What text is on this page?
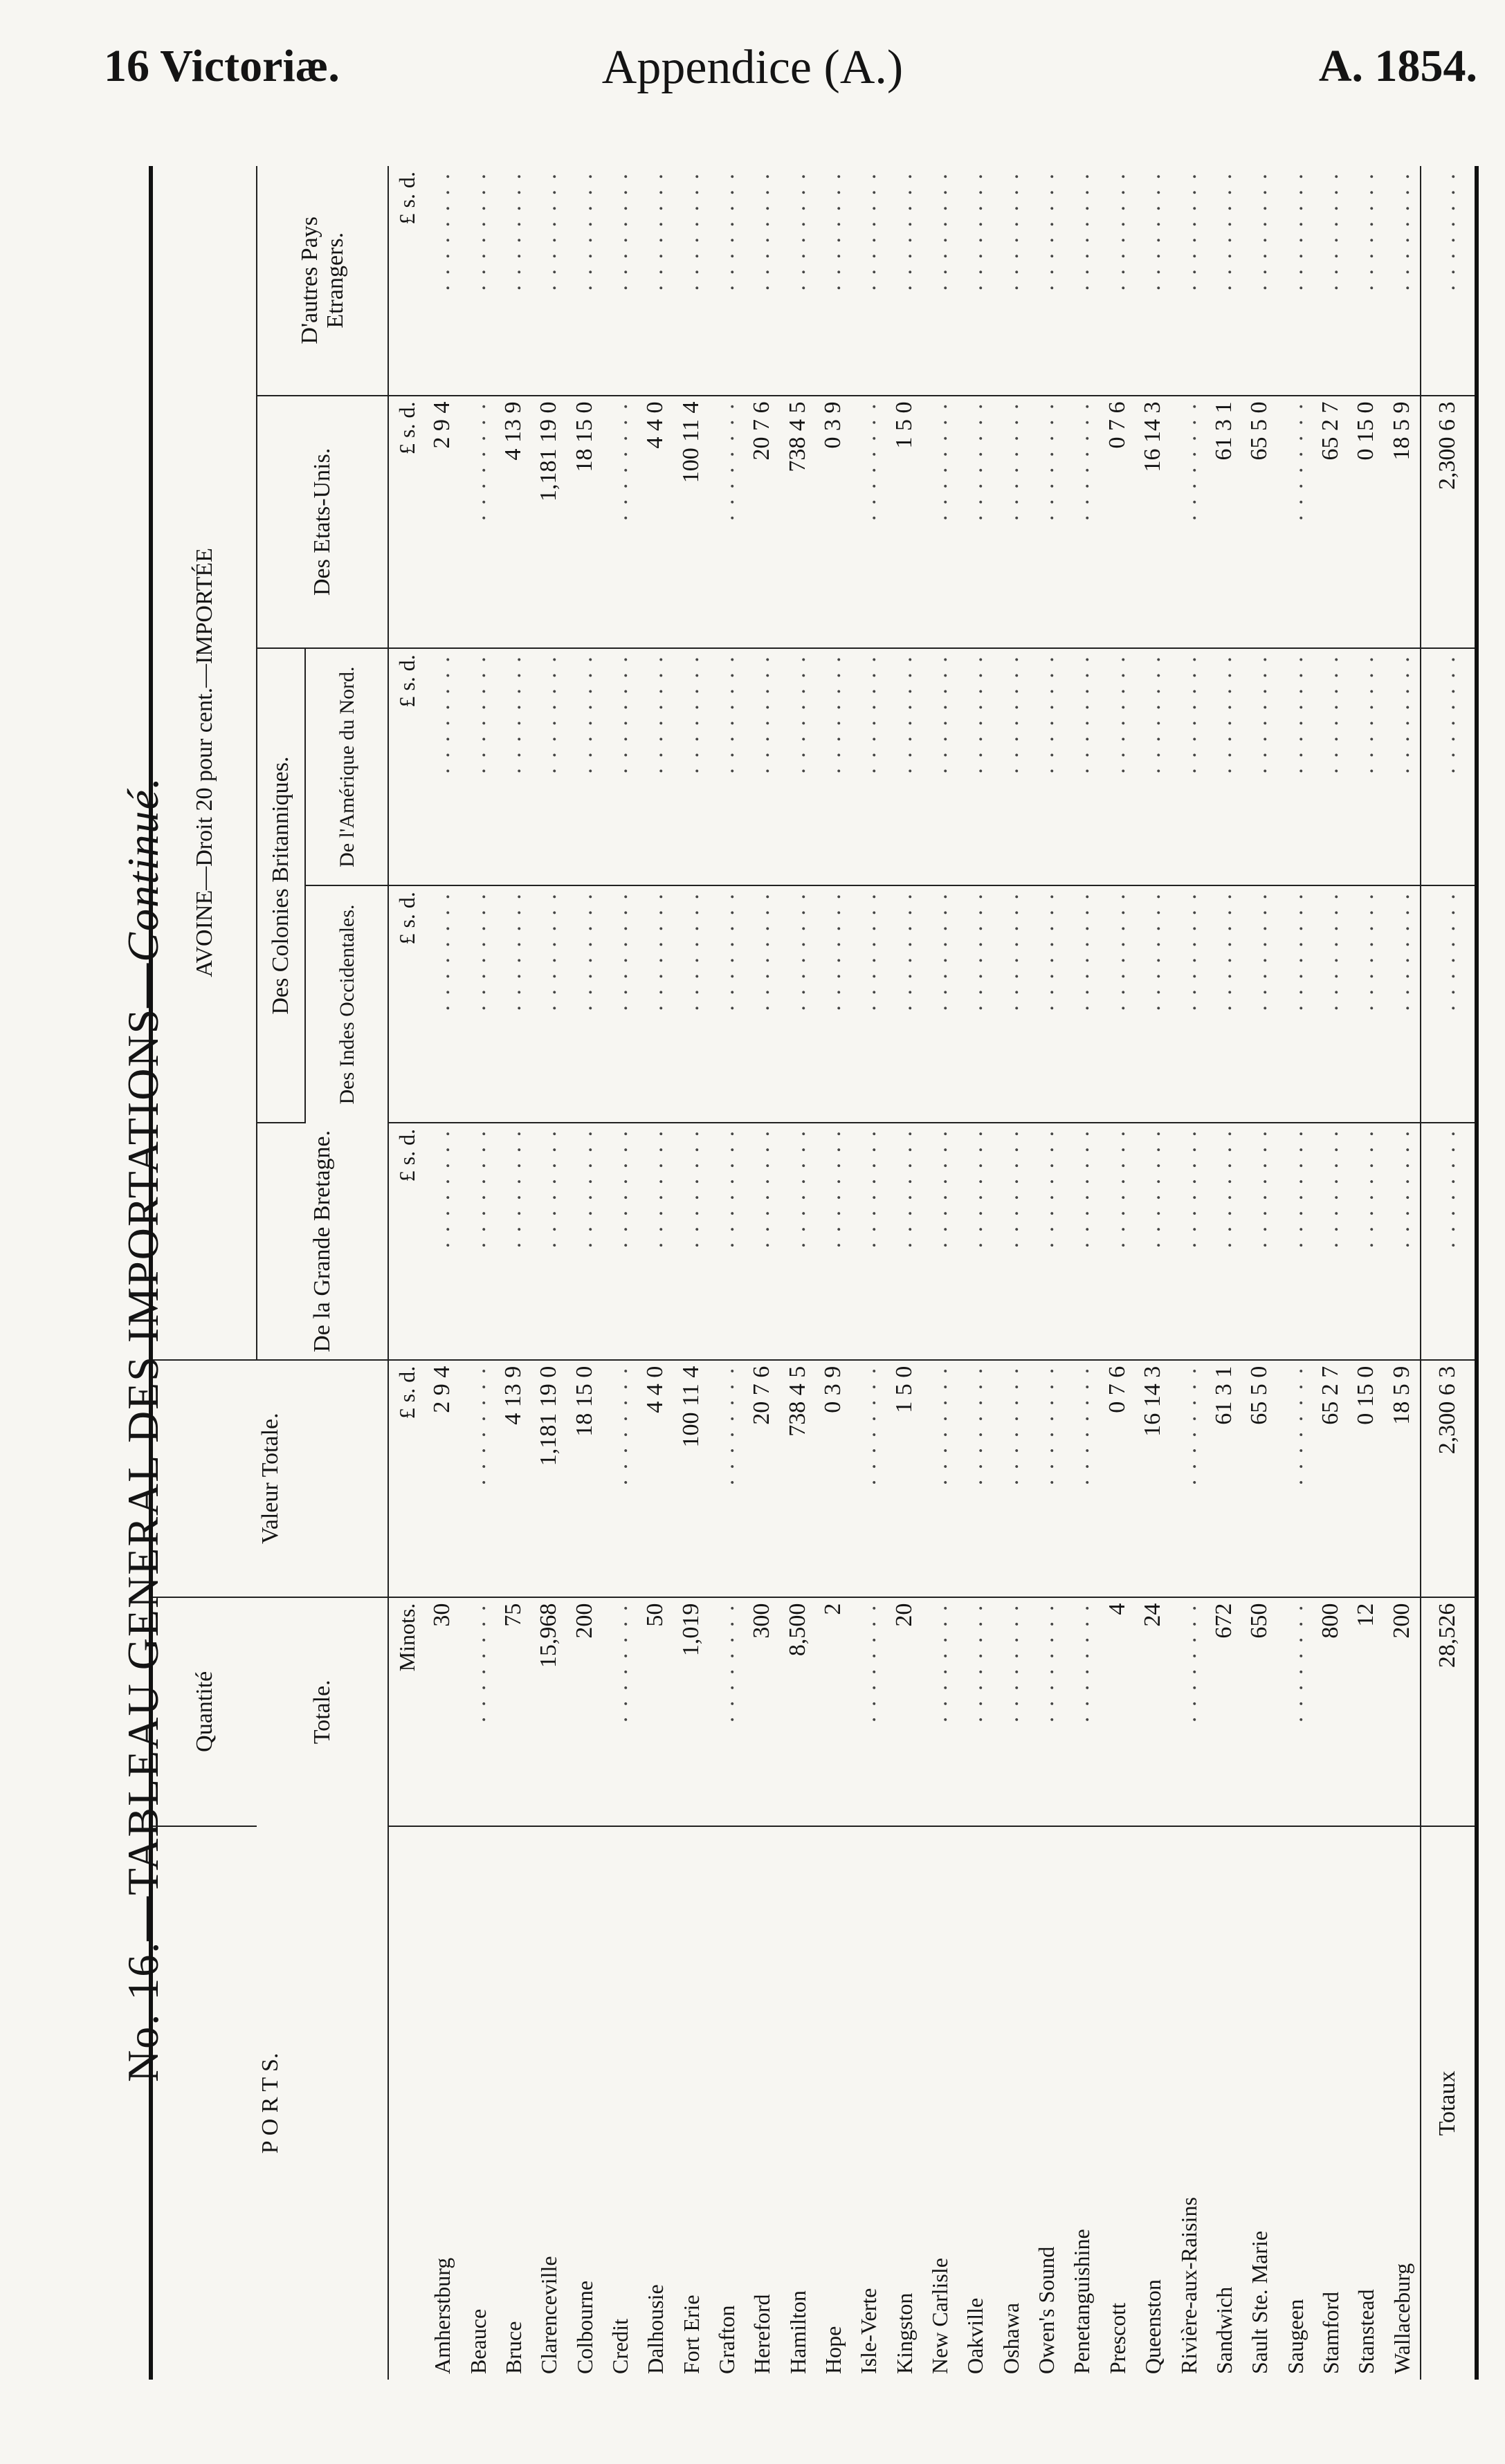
16 Victoriæ.	Appendice (A.)	A. 1854.
No. 16.—TABLEAU GENERAL DES IMPORTATIONS—Continué.
P O R T S.	Quantité	Valeur Totale.	AVOINE—Droit 20 pour cent.—IMPORTÉE				
	Totale.		De la Grande Bretagne.	Des Colonies Britanniques.		Des Etats-Unis.	D'autres Pays Etrangers.
				Des Indes Occidentales.	De l'Amérique du Nord.		
	Minots.	£ s. d.	£ s. d.	£ s. d.	£ s. d.	£ s. d.	£ s. d.
Amherstburg	30	2 9 4	. . . . . . . .	. . . . . . . .	. . . . . . . .	2 9 4	. . . . . . . .
Beauce	. . . . . . . .	. . . . . . . .	. . . . . . . .	. . . . . . . .	. . . . . . . .	. . . . . . . .	. . . . . . . .
Bruce	75	4 13 9	. . . . . . . .	. . . . . . . .	. . . . . . . .	4 13 9	. . . . . . . .
Clarenceville	15,968	1,181 19 0	. . . . . . . .	. . . . . . . .	. . . . . . . .	1,181 19 0	. . . . . . . .
Colbourne	200	18 15 0	. . . . . . . .	. . . . . . . .	. . . . . . . .	18 15 0	. . . . . . . .
Credit	. . . . . . . .	. . . . . . . .	. . . . . . . .	. . . . . . . .	. . . . . . . .	. . . . . . . .	. . . . . . . .
Dalhousie	50	4 4 0	. . . . . . . .	. . . . . . . .	. . . . . . . .	4 4 0	. . . . . . . .
Fort Erie	1,019	100 11 4	. . . . . . . .	. . . . . . . .	. . . . . . . .	100 11 4	. . . . . . . .
Grafton	. . . . . . . .	. . . . . . . .	. . . . . . . .	. . . . . . . .	. . . . . . . .	. . . . . . . .	. . . . . . . .
Hereford	300	20 7 6	. . . . . . . .	. . . . . . . .	. . . . . . . .	20 7 6	. . . . . . . .
Hamilton	8,500	738 4 5	. . . . . . . .	. . . . . . . .	. . . . . . . .	738 4 5	. . . . . . . .
Hope	2	0 3 9	. . . . . . . .	. . . . . . . .	. . . . . . . .	0 3 9	. . . . . . . .
Isle-Verte	. . . . . . . .	. . . . . . . .	. . . . . . . .	. . . . . . . .	. . . . . . . .	. . . . . . . .	. . . . . . . .
Kingston	20	1 5 0	. . . . . . . .	. . . . . . . .	. . . . . . . .	1 5 0	. . . . . . . .
New Carlisle	. . . . . . . .	. . . . . . . .	. . . . . . . .	. . . . . . . .	. . . . . . . .	. . . . . . . .	. . . . . . . .
Oakville	. . . . . . . .	. . . . . . . .	. . . . . . . .	. . . . . . . .	. . . . . . . .	. . . . . . . .	. . . . . . . .
Oshawa	. . . . . . . .	. . . . . . . .	. . . . . . . .	. . . . . . . .	. . . . . . . .	. . . . . . . .	. . . . . . . .
Owen's Sound	. . . . . . . .	. . . . . . . .	. . . . . . . .	. . . . . . . .	. . . . . . . .	. . . . . . . .	. . . . . . . .
Penetanguishine	. . . . . . . .	. . . . . . . .	. . . . . . . .	. . . . . . . .	. . . . . . . .	. . . . . . . .	. . . . . . . .
Prescott	4	0 7 6	. . . . . . . .	. . . . . . . .	. . . . . . . .	0 7 6	. . . . . . . .
Queenston	24	16 14 3	. . . . . . . .	. . . . . . . .	. . . . . . . .	16 14 3	. . . . . . . .
Rivière-aux-Raisins	. . . . . . . .	. . . . . . . .	. . . . . . . .	. . . . . . . .	. . . . . . . .	. . . . . . . .	. . . . . . . .
Sandwich	672	61 3 1	. . . . . . . .	. . . . . . . .	. . . . . . . .	61 3 1	. . . . . . . .
Sault Ste. Marie	650	65 5 0	. . . . . . . .	. . . . . . . .	. . . . . . . .	65 5 0	. . . . . . . .
Saugeen	. . . . . . . .	. . . . . . . .	. . . . . . . .	. . . . . . . .	. . . . . . . .	. . . . . . . .	. . . . . . . .
Stamford	800	65 2 7	. . . . . . . .	. . . . . . . .	. . . . . . . .	65 2 7	. . . . . . . .
Stanstead	12	0 15 0	. . . . . . . .	. . . . . . . .	. . . . . . . .	0 15 0	. . . . . . . .
Wallaceburg	200	18 5 9	. . . . . . . .	. . . . . . . .	. . . . . . . .	18 5 9	. . . . . . . .
Totaux	28,526	2,300 6 3	. . . . . . . .	. . . . . . . .	. . . . . . . .	2,300 6 3	. . . . . . . .
